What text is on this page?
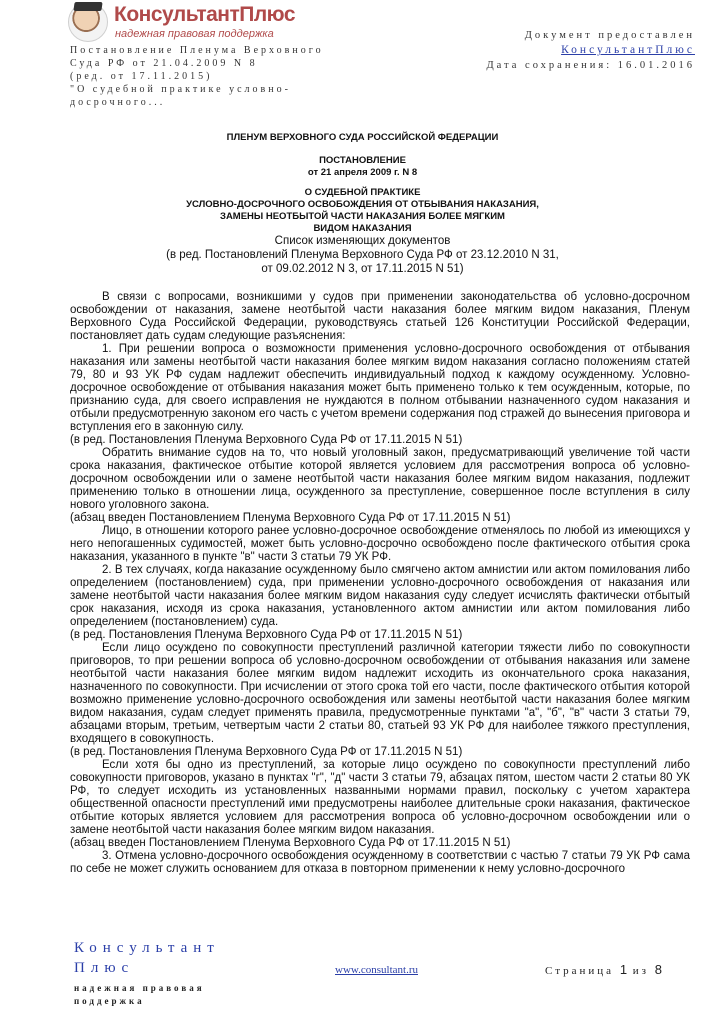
КонсультантПлюс
надежная правовая поддержка
Постановление Пленума Верховного
Суда РФ от 21.04.2009 N 8
(ред. от 17.11.2015)
"О судебной практике условно-
досрочного...
Документ предоставлен
КонсультантПлюс
Дата сохранения: 16.01.2016
ПЛЕНУМ ВЕРХОВНОГО СУДА РОССИЙСКОЙ ФЕДЕРАЦИИ
ПОСТАНОВЛЕНИЕ
от 21 апреля 2009 г. N 8
О СУДЕБНОЙ ПРАКТИКЕ
УСЛОВНО-ДОСРОЧНОГО ОСВОБОЖДЕНИЯ ОТ ОТБЫВАНИЯ НАКАЗАНИЯ,
ЗАМЕНЫ НЕОТБЫТОЙ ЧАСТИ НАКАЗАНИЯ БОЛЕЕ МЯГКИМ
ВИДОМ НАКАЗАНИЯ
Список изменяющих документов
(в ред. Постановлений Пленума Верховного Суда РФ от 23.12.2010 N 31,
от 09.02.2012 N 3, от 17.11.2015 N 51)

В связи с вопросами, возникшими у судов при применении законодательства об условно-досрочном освобождении от наказания, замене неотбытой части наказания более мягким видом наказания, Пленум Верховного Суда Российской Федерации, руководствуясь статьей 126 Конституции Российской Федерации, постановляет дать судам следующие разъяснения:

1. При решении вопроса о возможности применения условно-досрочного освобождения от отбывания наказания или замены неотбытой части наказания более мягким видом наказания согласно положениям статей 79, 80 и 93 УК РФ судам надлежит обеспечить индивидуальный подход к каждому осужденному. Условно-досрочное освобождение от отбывания наказания может быть применено только к тем осужденным, которые, по признанию суда, для своего исправления не нуждаются в полном отбывании назначенного судом наказания и отбыли предусмотренную законом его часть с учетом времени содержания под стражей до вынесения приговора и вступления его в законную силу.

(в ред. Постановления Пленума Верховного Суда РФ от 17.11.2015 N 51)

Обратить внимание судов на то, что новый уголовный закон, предусматривающий увеличение той части срока наказания, фактическое отбытие которой является условием для рассмотрения вопроса об условно-досрочном освобождении или о замене неотбытой части наказания более мягким видом наказания, подлежит применению только в отношении лица, осужденного за преступление, совершенное после вступления в силу нового уголовного закона.

(абзац введен Постановлением Пленума Верховного Суда РФ от 17.11.2015 N 51)

Лицо, в отношении которого ранее условно-досрочное освобождение отменялось по любой из имеющихся у него непогашенных судимостей, может быть условно-досрочно освобождено после фактического отбытия срока наказания, указанного в пункте "в" части 3 статьи 79 УК РФ.

2. В тех случаях, когда наказание осужденному было смягчено актом амнистии или актом помилования либо определением (постановлением) суда, при применении условно-досрочного освобождения от наказания или замене неотбытой части наказания более мягким видом наказания суду следует исчислять фактически отбытый срок наказания, исходя из срока наказания, установленного актом амнистии или актом помилования либо определением (постановлением) суда.

(в ред. Постановления Пленума Верховного Суда РФ от 17.11.2015 N 51)

Если лицо осуждено по совокупности преступлений различной категории тяжести либо по совокупности приговоров, то при решении вопроса об условно-досрочном освобождении от отбывания наказания или замене неотбытой части наказания более мягким видом надлежит исходить из окончательного срока наказания, назначенного по совокупности. При исчислении от этого срока той его части, после фактического отбытия которой возможно применение условно-досрочного освобождения или замены неотбытой части наказания более мягким видом наказания, судам следует применять правила, предусмотренные пунктами "а", "б", "в" части 3 статьи 79, абзацами вторым, третьим, четвертым части 2 статьи 80, статьей 93 УК РФ для наиболее тяжкого преступления, входящего в совокупность.

(в ред. Постановления Пленума Верховного Суда РФ от 17.11.2015 N 51)

Если хотя бы одно из преступлений, за которые лицо осуждено по совокупности преступлений либо совокупности приговоров, указано в пунктах "г", "д" части 3 статьи 79, абзацах пятом, шестом части 2 статьи 80 УК РФ, то следует исходить из установленных названными нормами правил, поскольку с учетом характера общественной опасности преступлений ими предусмотрены наиболее длительные сроки наказания, фактическое отбытие которых является условием для рассмотрения вопроса об условно-досрочном освобождении или о замене неотбытой части наказания более мягким видом наказания.

(абзац введен Постановлением Пленума Верховного Суда РФ от 17.11.2015 N 51)

3. Отмена условно-досрочного освобождения осужденному в соответствии с частью 7 статьи 79 УК РФ сама по себе не может служить основанием для отказа в повторном применении к нему условно-досрочного

Консультант
Плюс
надежная правовая
поддержка
www.consultant.ru	Страница 1 из 8
